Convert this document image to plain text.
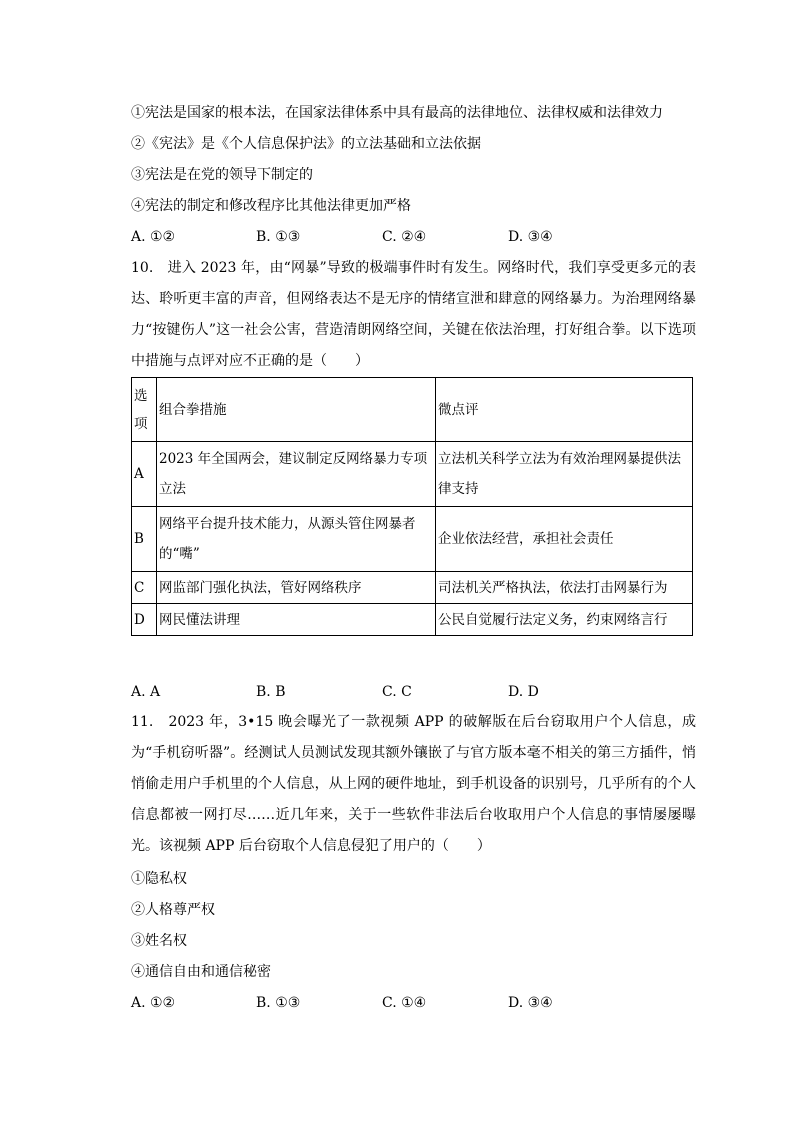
①宪法是国家的根本法，在国家法律体系中具有最高的法律地位、法律权威和法律效力
②《宪法》是《个人信息保护法》的立法基础和立法依据
③宪法是在党的领导下制定的
④宪法的制定和修改程序比其他法律更加严格
A. ①②	B. ①③	C. ②④	D. ③④
10.　进入 2023 年，由“网暴”导致的极端事件时有发生。网络时代，我们享受更多元的表达、聆听更丰富的声音，但网络表达不是无序的情绪宣泄和肆意的网络暴力。为治理网络暴力“按键伤人”这一社会公害，营造清朗网络空间，关键在依法治理，打好组合拳。以下选项中措施与点评对应不正确的是（　　）
选项	组合拳措施	微点评
A	2023 年全国两会，建议制定反网络暴力专项立法	立法机关科学立法为有效治理网暴提供法律支持
B	网络平台提升技术能力，从源头管住网暴者的“嘴”	企业依法经营，承担社会责任
C	网监部门强化执法，管好网络秩序	司法机关严格执法，依法打击网暴行为
D	网民懂法讲理	公民自觉履行法定义务，约束网络言行
A. A	B. B	C. C	D. D
11.　2023 年，3•15 晚会曝光了一款视频 APP 的破解版在后台窃取用户个人信息，成为“手机窃听器”。经测试人员测试发现其额外镶嵌了与官方版本毫不相关的第三方插件，悄悄偷走用户手机里的个人信息，从上网的硬件地址，到手机设备的识别号，几乎所有的个人信息都被一网打尽……近几年来，关于一些软件非法后台收取用户个人信息的事情屡屡曝光。该视频 APP 后台窃取个人信息侵犯了用户的（　　）
①隐私权
②人格尊严权
③姓名权
④通信自由和通信秘密
A. ①②	B. ①③	C. ①④	D. ③④
